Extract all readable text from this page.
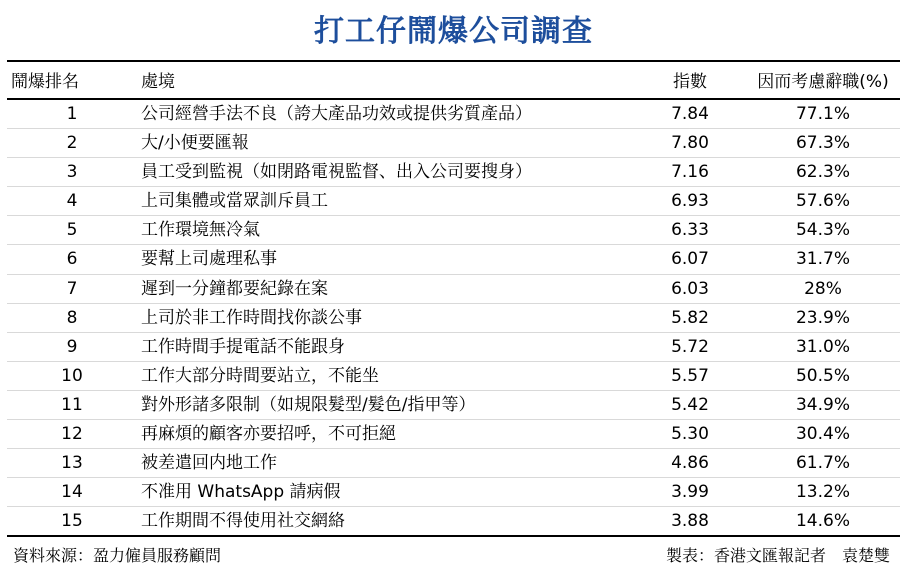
打工仔鬧爆公司調查
鬧爆排名	處境	指數	因而考慮辭職(%)
1	公司經營手法不良（誇大產品功效或提供劣質產品）	7.84	77.1%
2	大/小便要匯報	7.80	67.3%
3	員工受到監視（如閉路電視監督、出入公司要搜身）	7.16	62.3%
4	上司集體或當眾訓斥員工	6.93	57.6%
5	工作環境無冷氣	6.33	54.3%
6	要幫上司處理私事	6.07	31.7%
7	遲到一分鐘都要紀錄在案	6.03	28%
8	上司於非工作時間找你談公事	5.82	23.9%
9	工作時間手提電話不能跟身	5.72	31.0%
10	工作大部分時間要站立，不能坐	5.57	50.5%
11	對外形諸多限制（如規限髮型/髮色/指甲等）	5.42	34.9%
12	再麻煩的顧客亦要招呼，不可拒絕	5.30	30.4%
13	被差遣回内地工作	4.86	61.7%
14	不准用 WhatsApp 請病假	3.99	13.2%
15	工作期間不得使用社交網絡	3.88	14.6%
資料來源：盈力僱員服務顧問	製表：香港文匯報記者　袁楚雙
